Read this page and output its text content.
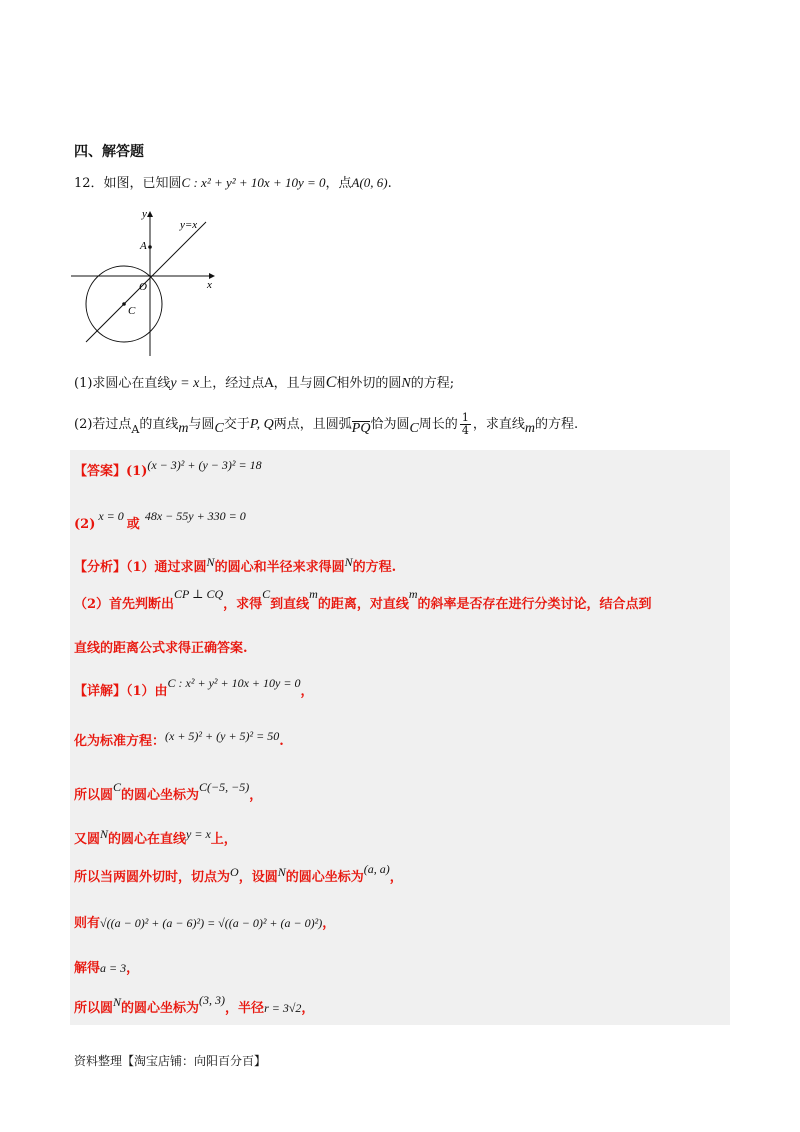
四、解答题
12．如图，已知圆C : x² + y² + 10x + 10y = 0，点A(0, 6).
y
x
y=x
A
O
C
(1)求圆心在直线y = x上，经过点A，且与圆C相外切的圆N的方程;
(2)若过点$_A$的直线m与圆C交于P, Q两点，且圆弧PQ恰为圆C周长的 $\frac{1}{4}$ ，求直线m的方程.
【答案】$(1)^{(x - 3)^2 + (y - 3)^2 = 18}$
$_{(2)}x = 0_或48x - 55y + 330 = 0$
【分析】（1）通过求圆N的圆心和半径来求得圆N的方程.
（2）首先判断出CP ⊥ CQ，求得C到直线m的距离，对直线m的斜率是否存在进行分类讨论，结合点到
直线的距离公式求得正确答案.
【详解】（1）由C : x² + y² + 10x + 10y = 0，
化为标准方程：(x + 5)² + (y + 5)² = 50.
所以圆C的圆心坐标为C(−5, −5)，
又圆N的圆心在直线y = x上，
所以当两圆外切时，切点为O，设圆N的圆心坐标为(a, a)，
则有√((a − 0)² + (a − 6)²) = √((a − 0)² + (a − 0)²)，
解得a = 3，
所以圆N的圆心坐标为(3, 3)，半径r = 3√2，
资料整理【淘宝店铺：向阳百分百】
